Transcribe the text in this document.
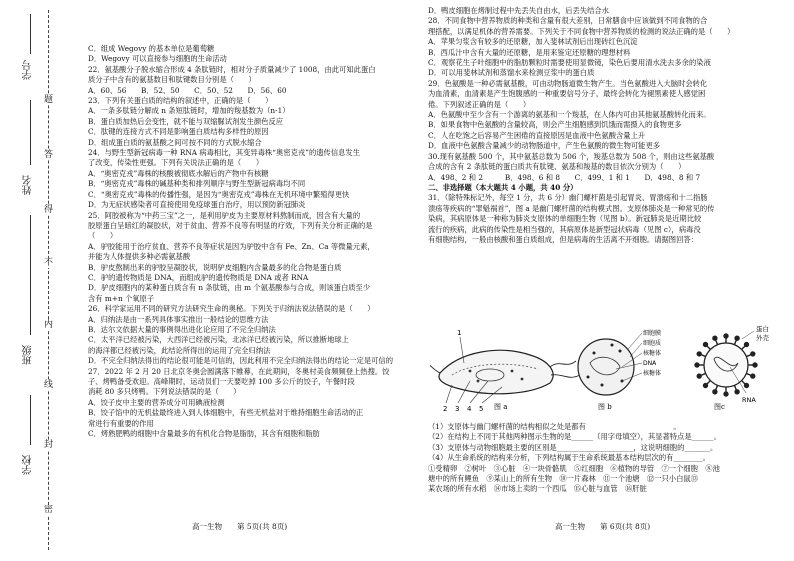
学校
班级
姓名
学号
密
封
线
内
不
得
答
题

C．组成 Wegovy 的基本单位是葡萄糖

D．Wegovy 可以直接参与细胞的生命活动

22．氨基酸分子脱水缩合形成 4 条肽链时，相对分子质量减少了 1008，由此可知此蛋白

质分子中含有的氨基数目和肽键数目分别是（　　）

A．60、56　　B．52、50　　C．50、52　　D．56、60

23．下列有关蛋白质的结构的叙述中，正确的是（　　）

A．一条多肽链分解成 n 条短肽链时，增加的羧基数为（n-1）

B．蛋白质加热后会变性，就不能与双缩脲试剂发生颜色反应

C．肽键的连接方式不同是影响蛋白质结构多样性的原因

D．组成蛋白质的氨基酸之间可按不同的方式脱水缩合

24．与野生型新冠病毒一种 RNA 病毒相比，其变异毒株“奥密克戎”的遗传信息发生

了改变，传染性更强。下列有关说法正确的是（　　）

A．“奥密克戎”毒株的核酸被彻底水解后的产物中有核糖

B．“奥密克戎”毒株的碱基种类和排列顺序与野生型新冠病毒均不同

C．“奥密克戎”毒株的传播性强，是因为“奥密克戎”毒株在无机环境中繁殖得更快

D．为无症状感染者可直接使用免疫球蛋白治疗，用以预防新冠肺炎

25．阿胶被称为“中药三宝”之一，是利用驴皮为主要原材料熬制而成，因含有大量的

胶原蛋白呈暗红的凝胶状，对于贫血、营养不良等有明显的疗效，下列有关分析正确的是

（　　）

A．驴胶能用于治疗贫血、营养不良等症状是因为驴胶中含有 Fe、Zn、Ca 等微量元素，

并能为人体提供多种必需氨基酸

B．驴皮熬制出来的驴胶呈凝胶状，说明驴皮细胞内含量最多的化合物是蛋白质

C．驴的遗传物质是 DNA，而组成驴的遗传物质是 DNA 或者 RNA

D．驴皮细胞内的某种蛋白质含有 n 条肽链，由 m 个氨基酸参与合成，则该蛋白质至少

含有 m+n 个氧原子

26．科学家运用不同的研究方法研究生命的奥秘。下列关于归纳法说法错误的是（　　）

A．归纳法是由一系列具体事实推出一般结论的思维方法

B．达尔文依据大量的事例得出进化论应用了不完全归纳法

C．太平洋已经被污染，大西洋已经被污染，北冰洋已经被污染，所以推断地球上

的海洋都已经被污染，此结论所得出的运用了完全归纳法

D．不完全归纳法得出的结论很可能是可信的，因此利用不完全归纳法得出的结论一定是可信的

27．2022 年 2 月 20 日北京冬奥会圆满落下帷幕，在此期间，冬奥村美食频频登上热搜。饺

子、烤鸭备受欢迎。高峰期时，运动员们一天要吃掉 100 多公斤的饺子，午餐时段

消耗 80 多只烤鸭。下列说法错误的是（　　）

A．饺子皮中主要的营养成分可用碘液检测

B．饺子馅中的无机盐最终进入到人体细胞中，有些无机盐对于维持细胞生命活动的正

常进行有重要的作用

C．烤熟肥鸭的细胞中含量最多的有机化合物是脂肪，其含有细胞和脂肪

高一生物　　第 5页(共 8页)

D．鸭皮细胞在烤制过程中先丢失自由水，后丢失结合水

28．不同食物中营养物质的种类和含量有很大差别，日常膳食中应该做到不同食物的合

理搭配，以满足机体的营养需要。下列关于不同食物中营养物质的检测的说法正确的是（　　）

A．苹果匀浆含有较多的还原糖，加入斐林试剂后出现砖红色沉淀

B．西瓜汁中含有大量的还原糖，是用来鉴定还原糖的理想材料

C．观察花生子叶细胞中的脂肪颗粒时需要使用显微镜，染色后要用清水洗去多余的染液

D．可以用斐林试剂和蒸馏水来检测豆浆中的蛋白质

29．色氨酸是一种必需氨基酸，可由动物肠道微生物产生。当色氨酸进入大脑时会转化

为血清素，血清素是产生饱腹感的一种重要信号分子，最终会转化为褪黑素使人感觉困

倦。下列叙述正确的是（　　）

A．色氨酸中至少含有一个游离的氨基和一个羧基，在人体内可由其他氨基酸转化而来。

B．如果食物中色氨酸的含量较高，则会产生细胞感到饥饿而需摄入的食物更多

C．人在吃饱之后容易产生困倦的直接原因是血液中色氨酸含量上升

D．血液中色氨酸含量减少的动物肠道中，产生色氨酸的微生物可能更多

30.现有氨基酸 500 个，其中氨基总数为 506 个，羧基总数为 508 个，则由这些氨基酸

合成的含有 2 条肽链的蛋白质共有肽键、氨基和羧基的数目依次分别为（　　）

A．498、2 和 2　　　B．498、6 和 8　　C．499、1 和 1　　D．498、8 和 7

二、非选择题（本大题共 4 小题，共 40 分）

31．（除特殊标记外，每空 1 分，共 6 分）幽门螺杆菌是引起胃炎、胃溃疡和十二指肠

溃疡等疾病的“罪魁祸首”，图 a 是幽门螺杆菌的结构模式图。支原体肺炎是一种常见的传

染病，其病原体是一种称为肺炎支原体的单细胞生物（见图 b）。新冠肺炎是近期比较

流行的疾病，此病的传染性是相当强的，其病原体是新型冠状病毒（见图 c），病毒没

有细胞结构，一般由核酸和蛋白质组成，但是病毒的生活离不开细胞。请据图回答：

1
2 3 4 5
细胞膜
细胞质
核糖体
DNA
核糖体
蛋白
外壳
RNA
图 a	图 b	图c

（1）支原体与幽门螺杆菌的结构相似之处是都有　　　　　　　　　　　　。

（2）在结构上不同于其他两种图示生物的是______（用字母填空），其显著特点是______。

（3）支原体与动物细胞最主要的区别是_____________________，这说明细胞的_______。

（4）从生命系统的结构来分析，下列结构属于生命系统最基本结构层次的有________。

①受精卵　②树叶　③心脏　④一块骨骼肌　⑤红细胞　⑥植物的导管　⑦一个细胞　⑧池

塘中的所有鲤鱼　⑨某山上的所有生物　⑩一片森林　⑪一个池塘　⑫一只小白鼠⑬

某农场的所有水稻　⑭市场上卖的一个西瓜　⑮心脏与血管　⑯肝脏

高一生物　　第 6页(共 8页)
